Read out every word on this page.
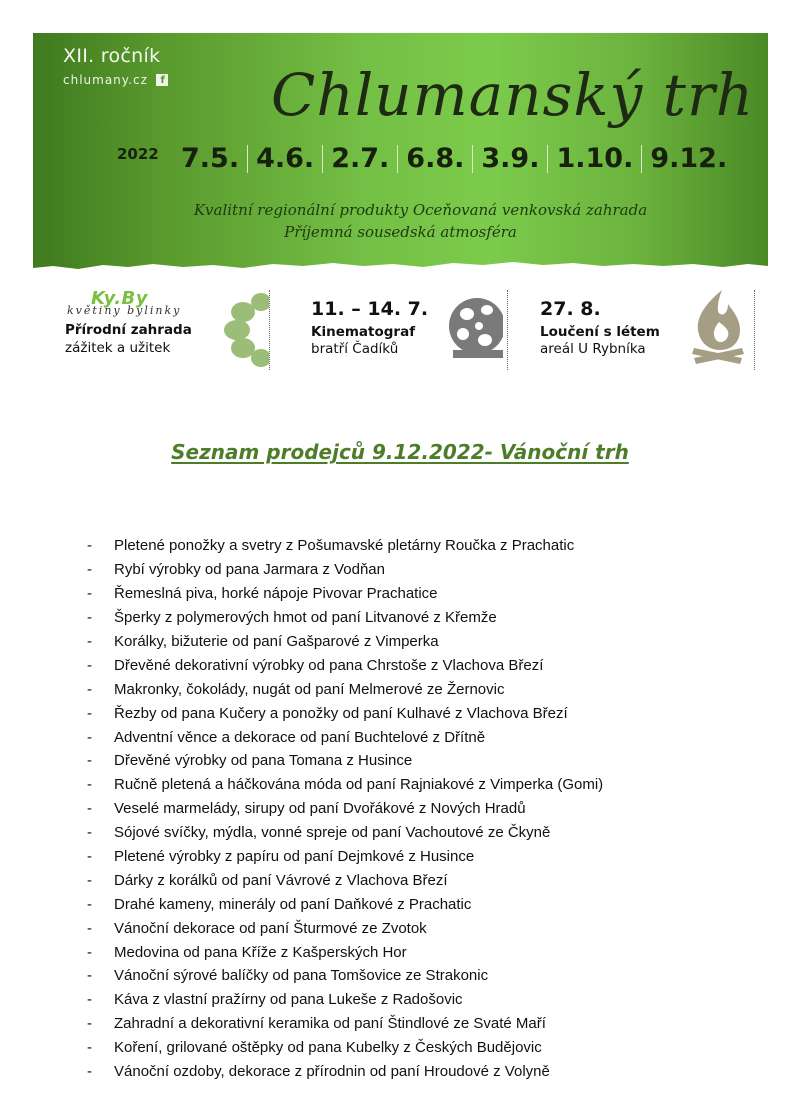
XII. ročník
chlumany.cz	f Chlumanský trh
2022 7.5. 4.6. 2.7. 6.8. 3.9. 1.10. 9.12.
Kvalitní regionální produkty Oceňovaná venkovská zahrada
Příjemná sousedská atmosféra
Ky.By
květiny bylinky
Přírodní zahrada
zážitek a užitek
11. – 14. 7.
Kinematograf
bratří Čadíků
27. 8.
Loučení s létem
areál U Rybníka
Seznam prodejců 9.12.2022- Vánoční trh
-	Pletené ponožky a svetry z Pošumavské pletárny Roučka z Prachatic
-	Rybí výrobky od pana Jarmara z Vodňan
-	Řemeslná piva, horké nápoje Pivovar Prachatice
-	Šperky z polymerových hmot od paní Litvanové z Křemže
-	Korálky, bižuterie od paní Gašparové z Vimperka
-	Dřevěné dekorativní výrobky od pana Chrstoše z Vlachova Březí
-	Makronky, čokolády, nugát od paní Melmerové ze Žernovic
-	Řezby od pana Kučery a ponožky od paní Kulhavé z Vlachova Březí
-	Adventní věnce a dekorace od paní Buchtelové z Dřítně
-	Dřevěné výrobky od pana Tomana z Husince
-	Ručně pletená a háčkována móda od paní Rajniakové z Vimperka (Gomi)
-	Veselé marmelády, sirupy od paní Dvořákové z Nových Hradů
-	Sójové svíčky, mýdla, vonné spreje od paní Vachoutové ze Čkyně
-	Pletené výrobky z papíru od paní Dejmkové z Husince
-	Dárky z korálků od paní Vávrové z Vlachova Březí
-	Drahé kameny, minerály od paní Daňkové z Prachatic
-	Vánoční dekorace od paní Šturmové ze Zvotok
-	Medovina od pana Kříže z Kašperských Hor
-	Vánoční sýrové balíčky od pana Tomšovice ze Strakonic
-	Káva z vlastní pražírny od pana Lukeše z Radošovic
-	Zahradní a dekorativní keramika od paní Štindlové ze Svaté Maří
-	Koření, grilované oštěpky od pana Kubelky z Českých Budějovic
-	Vánoční ozdoby, dekorace z přírodnin od paní Hroudové z Volyně
